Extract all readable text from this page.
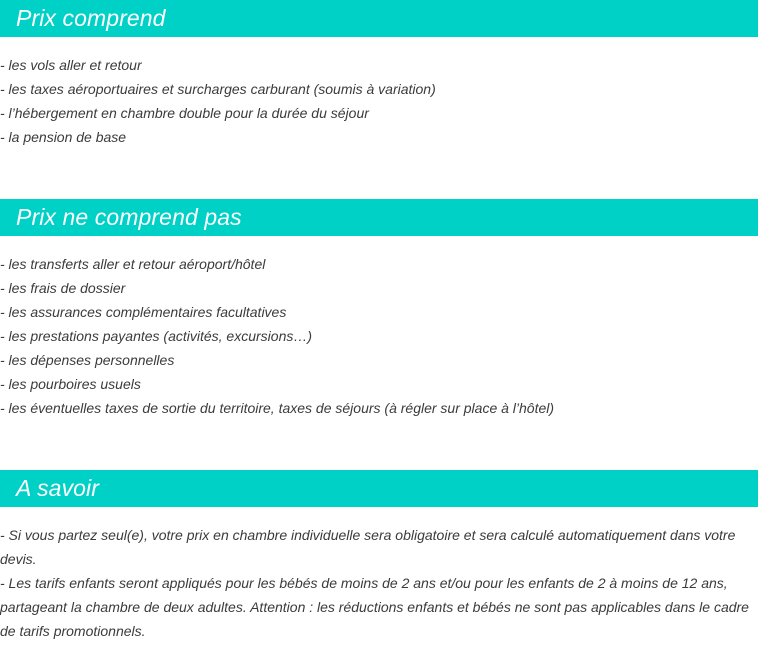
Prix comprend
- les vols aller et retour
- les taxes aéroportuaires et surcharges carburant (soumis à variation)
- l’hébergement en chambre double pour la durée du séjour
- la pension de base
Prix ne comprend pas
- les transferts aller et retour aéroport/hôtel
- les frais de dossier
- les assurances complémentaires facultatives
- les prestations payantes (activités, excursions…)
- les dépenses personnelles
- les pourboires usuels
- les éventuelles taxes de sortie du territoire, taxes de séjours (à régler sur place à l’hôtel)
A savoir

- Si vous partez seul(e), votre prix en chambre individuelle sera obligatoire et sera calculé automatiquement dans votre devis.

- Les tarifs enfants seront appliqués pour les bébés de moins de 2 ans et/ou pour les enfants de 2 à moins de 12 ans, partageant la chambre de deux adultes. Attention : les réductions enfants et bébés ne sont pas applicables dans le cadre de tarifs promotionnels.
